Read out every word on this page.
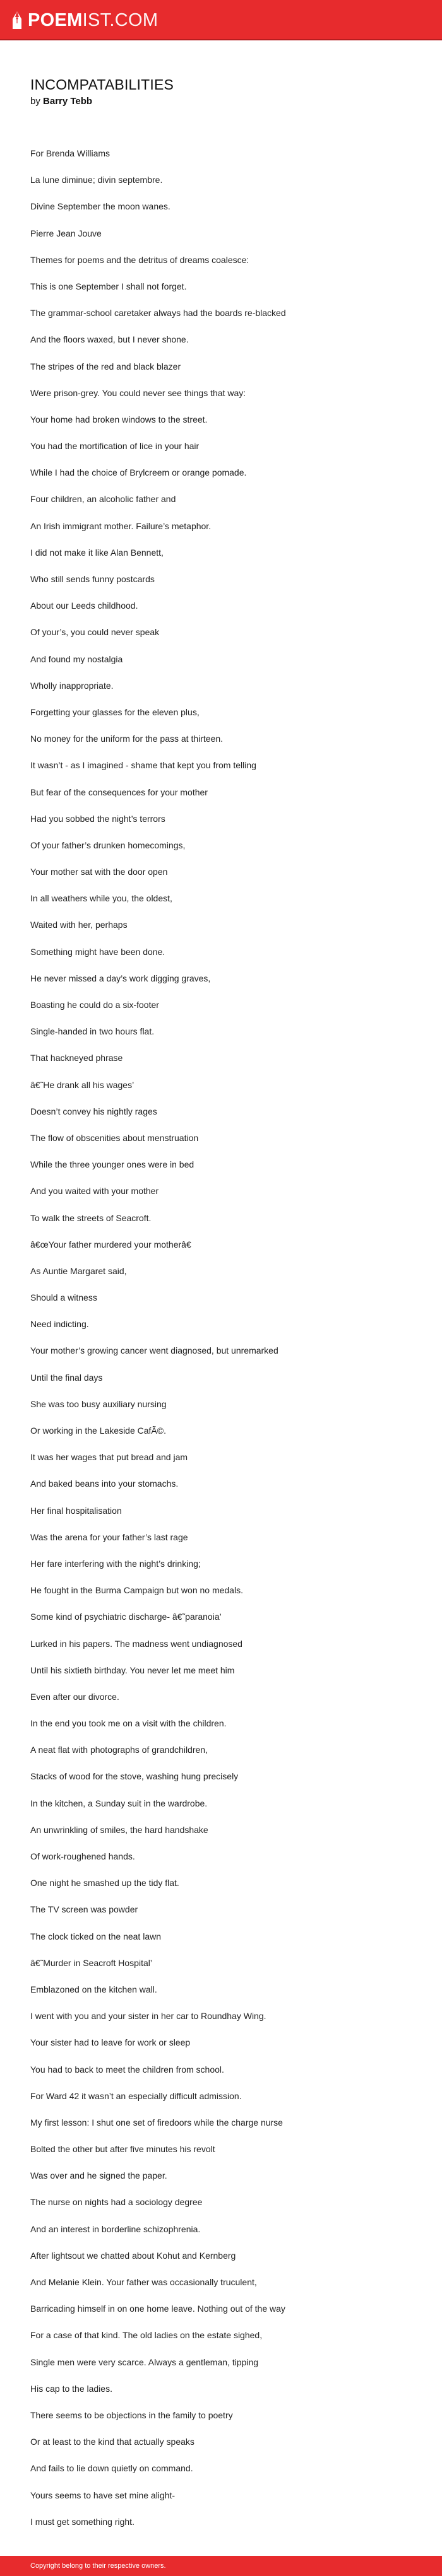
POEMIST.COM
INCOMPATABILITIES
by Barry Tebb
For Brenda Williams
La lune diminue; divin septembre.
Divine September the moon wanes.
Pierre Jean Jouve
Themes for poems and the detritus of dreams coalesce:
This is one September I shall not forget.
The grammar-school caretaker always had the boards re-blacked
And the floors waxed, but I never shone.
The stripes of the red and black blazer
Were prison-grey. You could never see things that way:
Your home had broken windows to the street.
You had the mortification of lice in your hair
While I had the choice of Brylcreem or orange pomade.
Four children, an alcoholic father and
An Irish immigrant mother. Failure’s metaphor.
I did not make it like Alan Bennett,
Who still sends funny postcards
About our Leeds childhood.
Of your’s, you could never speak
And found my nostalgia
Wholly inappropriate.
Forgetting your glasses for the eleven plus,
No money for the uniform for the pass at thirteen.
It wasn’t - as I imagined - shame that kept you from telling
But fear of the consequences for your mother
Had you sobbed the night’s terrors
Of your father’s drunken homecomings,
Your mother sat with the door open
In all weathers while you, the oldest,
Waited with her, perhaps
Something might have been done.
He never missed a day’s work digging graves,
Boasting he could do a six-footer
Single-handed in two hours flat.
That hackneyed phrase
â€˜He drank all his wages’
Doesn’t convey his nightly rages
The flow of obscenities about menstruation
While the three younger ones were in bed
And you waited with your mother
To walk the streets of Seacroft.
â€œYour father murdered your motherâ€
As Auntie Margaret said,
Should a witness
Need indicting.
Your mother’s growing cancer went diagnosed, but unremarked
Until the final days
She was too busy auxiliary nursing
Or working in the Lakeside CafÃ©.
It was her wages that put bread and jam
And baked beans into your stomachs.
Her final hospitalisation
Was the arena for your father’s last rage
Her fare interfering with the night’s drinking;
He fought in the Burma Campaign but won no medals.
Some kind of psychiatric discharge- â€˜paranoia’
Lurked in his papers. The madness went undiagnosed
Until his sixtieth birthday. You never let me meet him
Even after our divorce.
In the end you took me on a visit with the children.
A neat flat with photographs of grandchildren,
Stacks of wood for the stove, washing hung precisely
In the kitchen, a Sunday suit in the wardrobe.
An unwrinkling of smiles, the hard handshake
Of work-roughened hands.
One night he smashed up the tidy flat.
The TV screen was powder
The clock ticked on the neat lawn
â€˜Murder in Seacroft Hospital’
Emblazoned on the kitchen wall.
I went with you and your sister in her car to Roundhay Wing.
Your sister had to leave for work or sleep
You had to back to meet the children from school.
For Ward 42 it wasn’t an especially difficult admission.
My first lesson: I shut one set of firedoors while the charge nurse
Bolted the other but after five minutes his revolt
Was over and he signed the paper.
The nurse on nights had a sociology degree
And an interest in borderline schizophrenia.
After lightsout we chatted about Kohut and Kernberg
And Melanie Klein. Your father was occasionally truculent,
Barricading himself in on one home leave. Nothing out of the way
For a case of that kind. The old ladies on the estate sighed,
Single men were very scarce. Always a gentleman, tipping
His cap to the ladies.
There seems to be objections in the family to poetry
Or at least to the kind that actually speaks
And fails to lie down quietly on command.
Yours seems to have set mine alight-
I must get something right.
Copyright belong to their respective owners.
